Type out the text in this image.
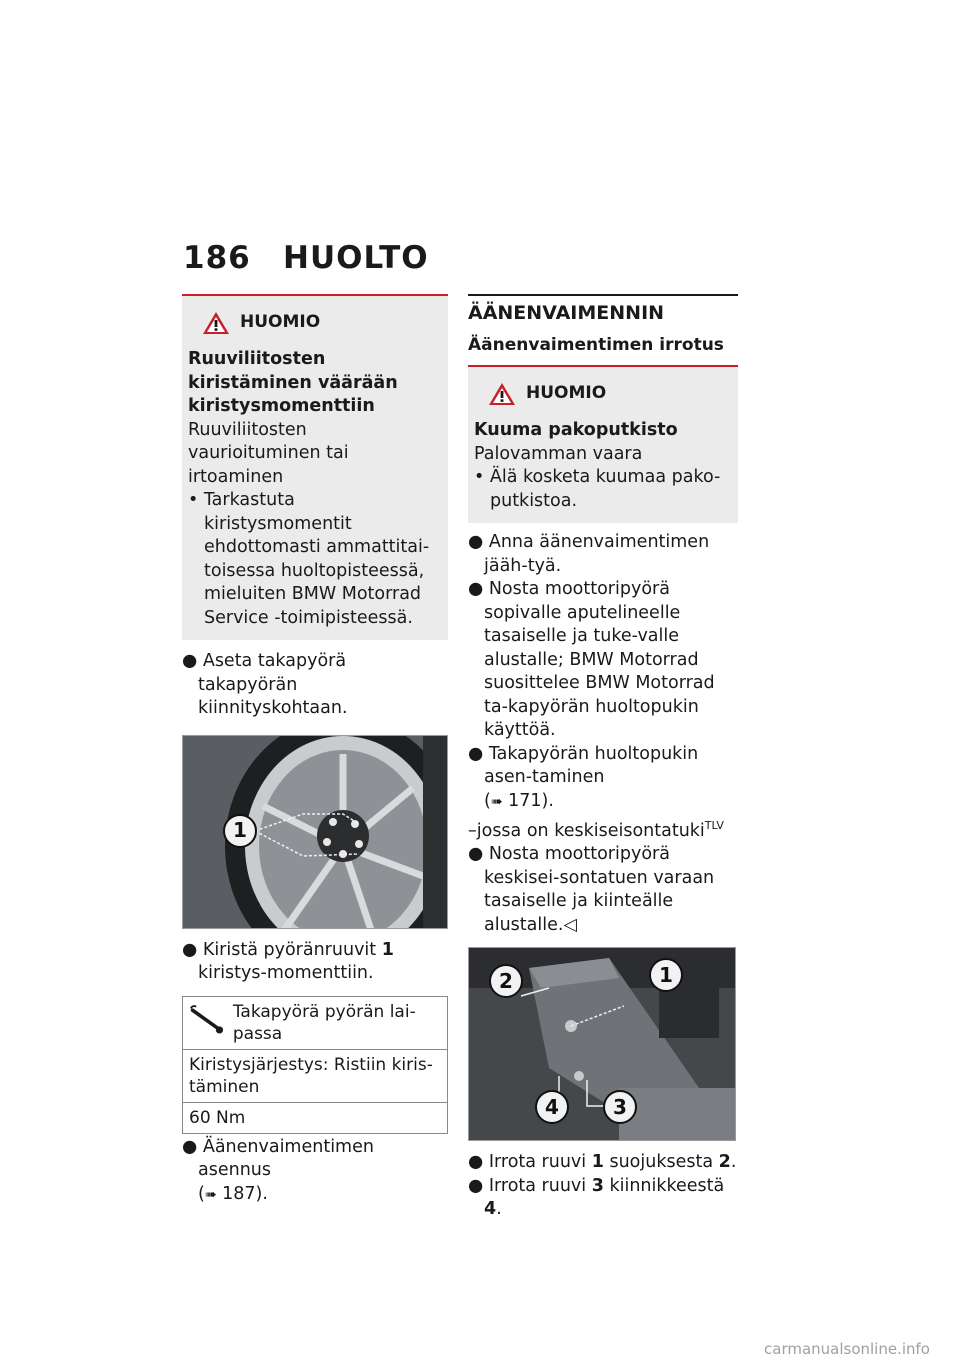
186 HUOLTO
HUOMIO

Ruuviliitosten kiristäminen väärään kiristysmomenttiin

Ruuviliitosten vaurioituminen tai irtoaminen

• Tarkastuta kiristysmomentit ehdottomasti ammattitai-toisessa huoltopisteessä, mieluiten BMW Motorrad Service -toimipisteessä.

● Aseta takapyörä takapyörän kiinnityskohtaan.

1

● Kiristä pyöränruuvit 1 kiristys-momenttiin.

Takapyörä pyörän lai-passa
Kiristysjärjestys: Ristiin kiris-täminen
60 Nm

● Äänenvaimentimen asennus

(➠ 187).

ÄÄNENVAIMENNIN

Äänenvaimentimen irrotus

HUOMIO

Kuuma pakoputkisto

Palovamman vaara

• Älä kosketa kuumaa pako-putkistoa.

● Anna äänenvaimentimen jääh-tyä.

● Nosta moottoripyörä sopivalle aputelineelle tasaiselle ja tuke-valle alustalle; BMW Motorrad suosittelee BMW Motorrad ta-kapyörän huoltopukin käyttöä.

● Takapyörän huoltopukin asen-taminen

(➠ 171).

–jossa on keskiseisontatuki$^{TLV}$

● Nosta moottoripyörä keskisei-sontatuen varaan tasaiselle ja kiinteälle alustalle.◁

2	1
4	3

● Irrota ruuvi 1 suojuksesta 2.

● Irrota ruuvi 3 kiinnikkeestä 4.

carmanualsonline.info
